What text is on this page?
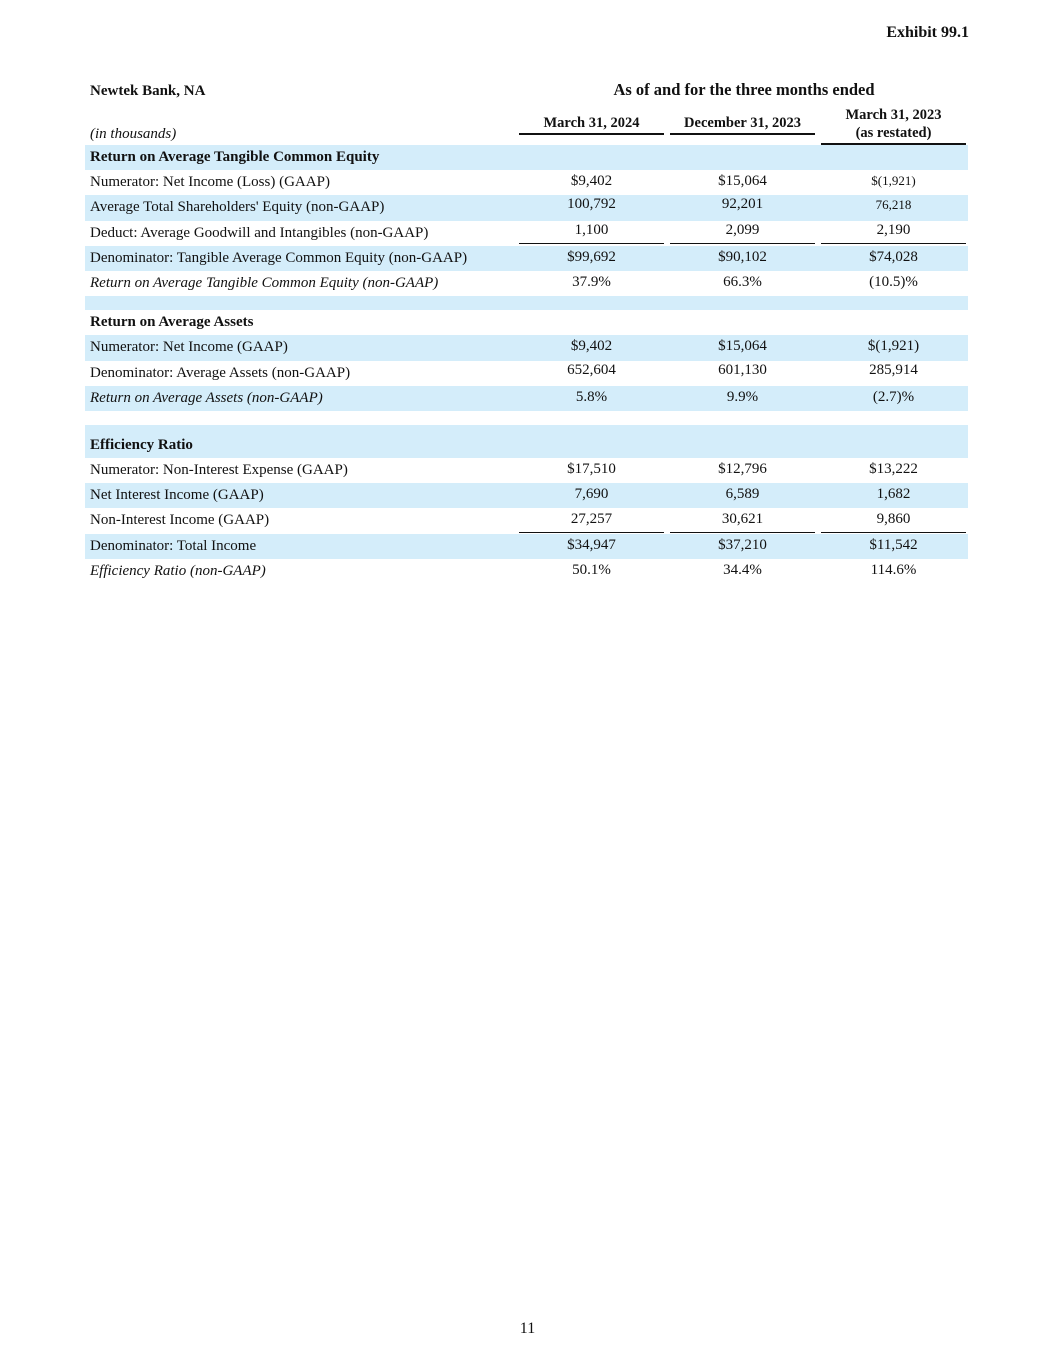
Exhibit 99.1
Newtek Bank, NA	As of and for the three months ended
(in thousands)
March 31, 2024	December 31, 2023	March 31, 2023
(as restated)
Return on Average Tangible Common Equity
Numerator: Net Income (Loss) (GAAP)	$9,402	$15,064	$(1,921)
Average Total Shareholders' Equity (non-GAAP)	100,792	92,201	76,218
Deduct: Average Goodwill and Intangibles (non-GAAP)	1,100	2,099	2,190
Denominator: Tangible Average Common Equity (non-GAAP)	$99,692	$90,102	$74,028
Return on Average Tangible Common Equity (non-GAAP)	37.9%	66.3%	(10.5)%
Return on Average Assets
Numerator: Net Income (GAAP)	$9,402	$15,064	$(1,921)
Denominator: Average Assets (non-GAAP)	652,604	601,130	285,914
Return on Average Assets (non-GAAP)	5.8%	9.9%	(2.7)%
Efficiency Ratio
Numerator: Non-Interest Expense (GAAP)	$17,510	$12,796	$13,222
Net Interest Income (GAAP)	7,690	6,589	1,682
Non-Interest Income (GAAP)	27,257	30,621	9,860
Denominator: Total Income	$34,947	$37,210	$11,542
Efficiency Ratio (non-GAAP)	50.1%	34.4%	114.6%
11
